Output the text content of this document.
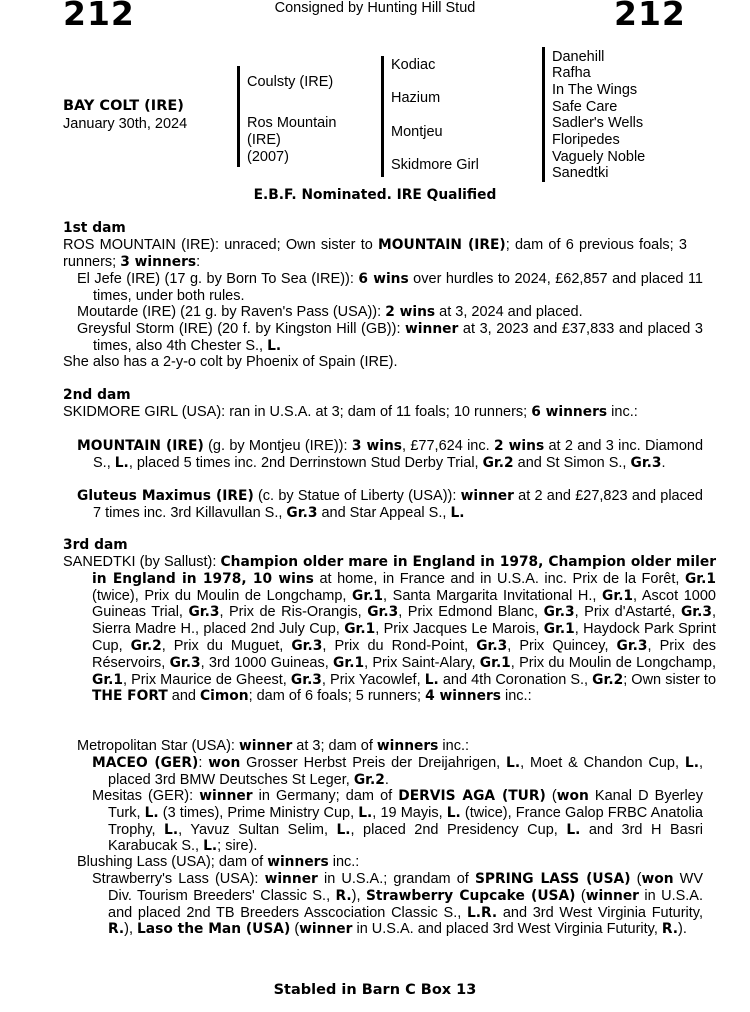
212	Consigned by Hunting Hill Stud	212
BAY COLT (IRE)
January 30th, 2024
Coulsty (IRE)
Ros Mountain
(IRE)
(2007)
Kodiac
Hazium
Montjeu
Skidmore Girl
Danehill
Rafha
In The Wings
Safe Care
Sadler's Wells
Floripedes
Vaguely Noble
Sanedtki
E.B.F. Nominated. IRE Qualified
1st dam
ROS MOUNTAIN (IRE): unraced; Own sister to MOUNTAIN (IRE); dam of 6 previous foals; 3 runners; 3 winners:
El Jefe (IRE) (17 g. by Born To Sea (IRE)): 6 wins over hurdles to 2024, £62,857 and placed 11 times, under both rules.
Moutarde (IRE) (21 g. by Raven's Pass (USA)): 2 wins at 3, 2024 and placed.
Greysful Storm (IRE) (20 f. by Kingston Hill (GB)): winner at 3, 2023 and £37,833 and placed 3 times, also 4th Chester S., L.
She also has a 2-y-o colt by Phoenix of Spain (IRE).
2nd dam
SKIDMORE GIRL (USA): ran in U.S.A. at 3; dam of 11 foals; 10 runners; 6 winners inc.:
MOUNTAIN (IRE) (g. by Montjeu (IRE)): 3 wins, £77,624 inc. 2 wins at 2 and 3 inc. Diamond S., L., placed 5 times inc. 2nd Derrinstown Stud Derby Trial, Gr.2 and St Simon S., Gr.3.
Gluteus Maximus (IRE) (c. by Statue of Liberty (USA)): winner at 2 and £27,823 and placed 7 times inc. 3rd Killavullan S., Gr.3 and Star Appeal S., L.
3rd dam
SANEDTKI (by Sallust): Champion older mare in England in 1978, Champion older miler in England in 1978, 10 wins at home, in France and in U.S.A. inc. Prix de la Forêt, Gr.1 (twice), Prix du Moulin de Longchamp, Gr.1, Santa Margarita Invitational H., Gr.1, Ascot 1000 Guineas Trial, Gr.3, Prix de Ris-Orangis, Gr.3, Prix Edmond Blanc, Gr.3, Prix d'Astarté, Gr.3, Sierra Madre H., placed 2nd July Cup, Gr.1, Prix Jacques Le Marois, Gr.1, Haydock Park Sprint Cup, Gr.2, Prix du Muguet, Gr.3, Prix du Rond-Point, Gr.3, Prix Quincey, Gr.3, Prix des Réservoirs, Gr.3, 3rd 1000 Guineas, Gr.1, Prix Saint-Alary, Gr.1, Prix du Moulin de Longchamp, Gr.1, Prix Maurice de Gheest, Gr.3, Prix Yacowlef, L. and 4th Coronation S., Gr.2; Own sister to THE FORT and Cimon; dam of 6 foals; 5 runners; 4 winners inc.:
Metropolitan Star (USA): winner at 3; dam of winners inc.:
MACEO (GER): won Grosser Herbst Preis der Dreijahrigen, L., Moet & Chandon Cup, L., placed 3rd BMW Deutsches St Leger, Gr.2.
Mesitas (GER): winner in Germany; dam of DERVIS AGA (TUR) (won Kanal D Byerley Turk, L. (3 times), Prime Ministry Cup, L., 19 Mayis, L. (twice), France Galop FRBC Anatolia Trophy, L., Yavuz Sultan Selim, L., placed 2nd Presidency Cup, L. and 3rd H Basri Karabucak S., L.; sire).
Blushing Lass (USA); dam of winners inc.:
Strawberry's Lass (USA): winner in U.S.A.; grandam of SPRING LASS (USA) (won WV Div. Tourism Breeders' Classic S., R.), Strawberry Cupcake (USA) (winner in U.S.A. and placed 2nd TB Breeders Asscociation Classic S., L.R. and 3rd West Virginia Futurity, R.), Laso the Man (USA) (winner in U.S.A. and placed 3rd West Virginia Futurity, R.).
Stabled in Barn C Box 13
